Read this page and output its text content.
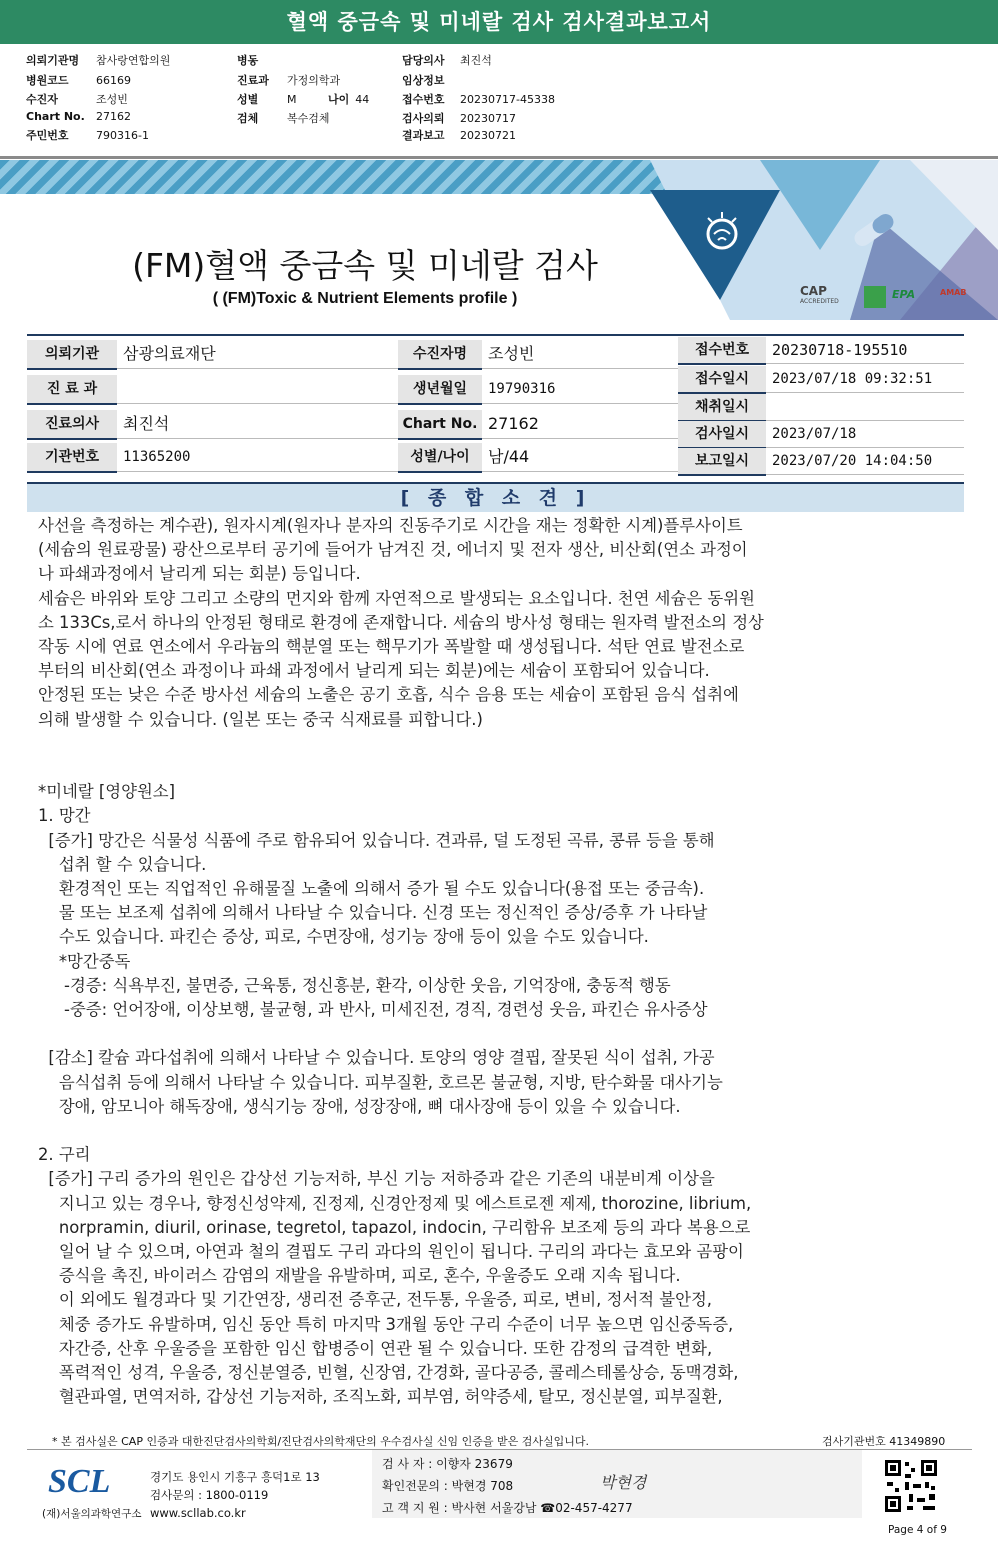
혈액 중금속 및 미네랄 검사 검사결과보고서
의뢰기관명 참사랑연합의원
병원코드 66169
수진자	조성빈
Chart No. 27162
주민번호 790316-1
병동
진료과 가정의학과
성별	M	나이 44
검체	복수검체
담당의사 최진석
임상정보
접수번호 20230717-45338
검사의뢰 20230717
결과보고 20230721
CAP
ACCREDITED
EPA	AMAB
(FM)혈액 중금속 및 미네랄 검사
( (FM)Toxic & Nutrient Elements profile )
의뢰기관	삼광의료재단
진 료 과
진료의사	최진석
기관번호	11365200
수진자명	조성빈
생년월일	19790316
Chart No. 27162
성별/나이	남/44
접수번호	20230718-195510
접수일시	2023/07/18 09:32:51
채취일시
검사일시	2023/07/18
보고일시	2023/07/20 14:04:50
[ 종 합 소 견 ]

사선을 측정하는 계수관), 원자시계(원자나 분자의 진동주기로 시간을 재는 정확한 시계)플루사이트

(세슘의 원료광물) 광산으로부터 공기에 들어가 남겨진 것, 에너지 및 전자 생산, 비산회(연소 과정이

나 파쇄과정에서 날리게 되는 회분) 등입니다.

세슘은 바위와 토양 그리고 소량의 먼지와 함께 자연적으로 발생되는 요소입니다. 천연 세슘은 동위원

소 133Cs,로서 하나의 안정된 형태로 환경에 존재합니다. 세슘의 방사성 형태는 원자력 발전소의 정상

작동 시에 연료 연소에서 우라늄의 핵분열 또는 핵무기가 폭발할 때 생성됩니다. 석탄 연료 발전소로

부터의 비산회(연소 과정이나 파쇄 과정에서 날리게 되는 회분)에는 세슘이 포함되어 있습니다.

안정된 또는 낮은 수준 방사선 세슘의 노출은 공기 호흡, 식수 음용 또는 세슘이 포함된 음식 섭취에

의해 발생할 수 있습니다. (일본 또는 중국 식재료를 피합니다.)

*미네랄 [영양원소]

1. 망간

[증가] 망간은 식물성 식품에 주로 함유되어 있습니다. 견과류, 덜 도정된 곡류, 콩류 등을 통해

섭취 할 수 있습니다.

환경적인 또는 직업적인 유해물질 노출에 의해서 증가 될 수도 있습니다(용접 또는 중금속).

물 또는 보조제 섭취에 의해서 나타날 수 있습니다. 신경 또는 정신적인 증상/증후 가 나타날

수도 있습니다. 파킨슨 증상, 피로, 수면장애, 성기능 장애 등이 있을 수도 있습니다.

*망간중독

-경증: 식욕부진, 불면증, 근육통, 정신흥분, 환각, 이상한 웃음, 기억장애, 충동적 행동

-중증: 언어장애, 이상보행, 불균형, 과 반사, 미세진전, 경직, 경련성 웃음, 파킨슨 유사증상

[감소] 칼슘 과다섭취에 의해서 나타날 수 있습니다. 토양의 영양 결핍, 잘못된 식이 섭취, 가공

음식섭취 등에 의해서 나타날 수 있습니다. 피부질환, 호르몬 불균형, 지방, 탄수화물 대사기능

장애, 암모니아 해독장애, 생식기능 장애, 성장장애, 뼈 대사장애 등이 있을 수 있습니다.

2. 구리

[증가] 구리 증가의 원인은 갑상선 기능저하, 부신 기능 저하증과 같은 기존의 내분비계 이상을

지니고 있는 경우나, 향정신성약제, 진정제, 신경안정제 및 에스트로젠 제제, thorozine, librium,

norpramin, diuril, orinase, tegretol, tapazol, indocin, 구리함유 보조제 등의 과다 복용으로

일어 날 수 있으며, 아연과 철의 결핍도 구리 과다의 원인이 됩니다. 구리의 과다는 효모와 곰팡이

증식을 촉진, 바이러스 감염의 재발을 유발하며, 피로, 혼수, 우울증도 오래 지속 됩니다.

이 외에도 월경과다 및 기간연장, 생리전 증후군, 전두통, 우울증, 피로, 변비, 정서적 불안정,

체중 증가도 유발하며, 임신 동안 특히 마지막 3개월 동안 구리 수준이 너무 높으면 임신중독증,

자간증, 산후 우울증을 포함한 임신 합병증이 연관 될 수 있습니다. 또한 감정의 급격한 변화,

폭력적인 성격, 우울증, 정신분열증, 빈혈, 신장염, 간경화, 골다공증, 콜레스테롤상승, 동맥경화,

혈관파열, 면역저하, 갑상선 기능저하, 조직노화, 피부염, 허약증세, 탈모, 정신분열, 피부질환,

* 본 검사실은 CAP 인증과 대한진단검사의학회/진단검사의학재단의 우수검사실 신임 인증을 받은 검사실입니다.	검사기관번호 41349890
SCL
(재)서울의과학연구소
경기도 용인시 기흥구 흥덕1로 13
검사문의 : 1800-0119
www.scllab.co.kr
검 사 자 : 이향자 23679
확인전문의 : 박현경 708
고 객 지 원 : 박사현 서울강남 ☎02-457-4277
박현경
Page 4 of 9
